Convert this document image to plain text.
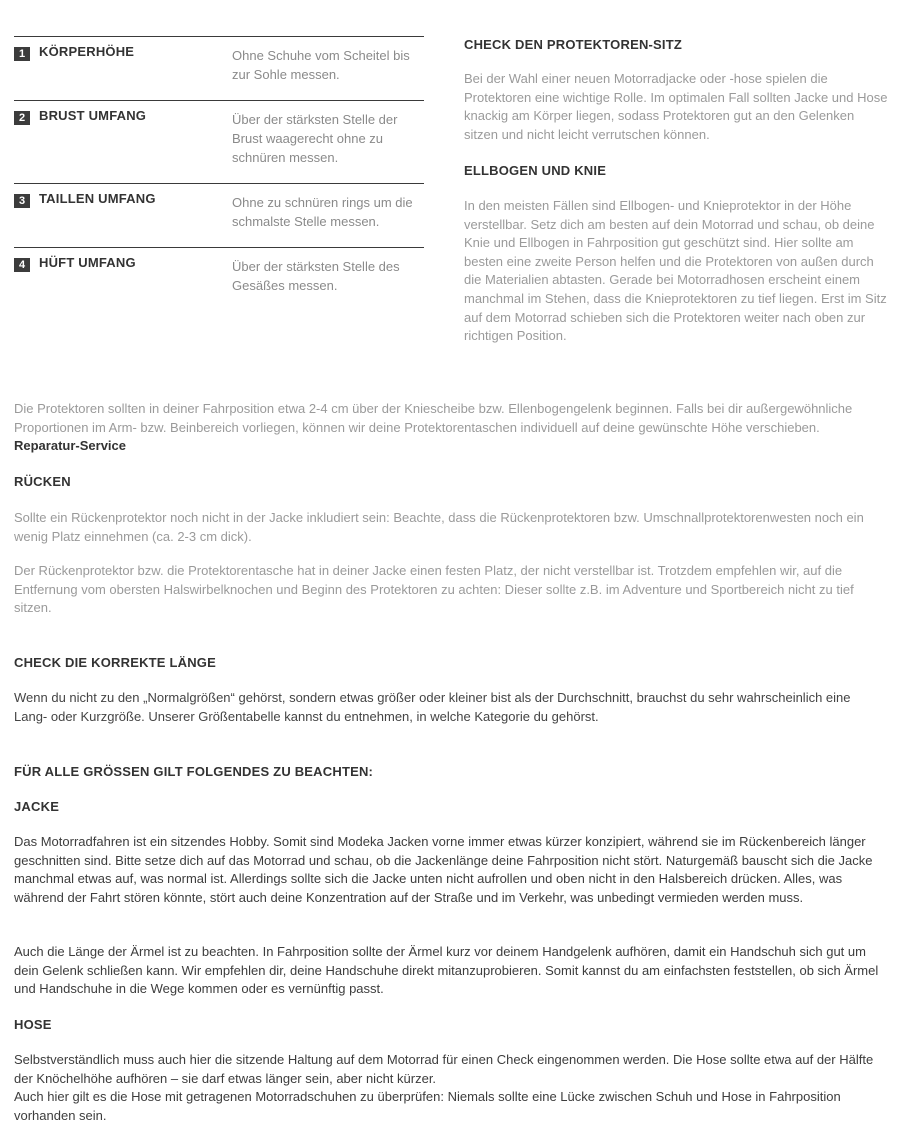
1	KÖRPERHÖHE	Ohne Schuhe vom Scheitel bis zur Sohle messen.
2	BRUST UMFANG	Über der stärksten Stelle der Brust waagerecht ohne zu schnüren messen.
3	TAILLEN UMFANG	Ohne zu schnüren rings um die schmalste Stelle messen.
4	HÜFT UMFANG	Über der stärksten Stelle des Gesäßes messen.
CHECK DEN PROTEKTOREN-SITZ

Bei der Wahl einer neuen Motorradjacke oder -hose spielen die Protektoren eine wichtige Rolle. Im optimalen Fall sollten Jacke und Hose knackig am Körper liegen, sodass Protektoren gut an den Gelenken sitzen und nicht leicht verrutschen können.

ELLBOGEN UND KNIE

In den meisten Fällen sind Ellbogen- und Knieprotektor in der Höhe verstellbar. Setz dich am besten auf dein Motorrad und schau, ob deine Knie und Ellbogen in Fahrposition gut geschützt sind. Hier sollte am besten eine zweite Person helfen und die Protektoren von außen durch die Materialien abtasten. Gerade bei Motorradhosen erscheint einem manchmal im Stehen, dass die Knieprotektoren zu tief liegen. Erst im Sitz auf dem Motorrad schieben sich die Protektoren weiter nach oben zur richtigen Position.

Die Protektoren sollten in deiner Fahrposition etwa 2-4 cm über der Kniescheibe bzw. Ellenbogengelenk beginnen. Falls bei dir außergewöhnliche Proportionen im Arm- bzw. Beinbereich vorliegen, können wir deine Protektorentaschen individuell auf deine gewünschte Höhe verschieben. Reparatur-Service

RÜCKEN

Sollte ein Rückenprotektor noch nicht in der Jacke inkludiert sein: Beachte, dass die Rückenprotektoren bzw. Umschnallprotektorenwesten noch ein wenig Platz einnehmen (ca. 2-3 cm dick).

Der Rückenprotektor bzw. die Protektorentasche hat in deiner Jacke einen festen Platz, der nicht verstellbar ist. Trotzdem empfehlen wir, auf die Entfernung vom obersten Halswirbelknochen und Beginn des Protektoren zu achten: Dieser sollte z.B. im Adventure und Sportbereich nicht zu tief sitzen.

CHECK DIE KORREKTE LÄNGE

Wenn du nicht zu den „Normalgrößen“ gehörst, sondern etwas größer oder kleiner bist als der Durchschnitt, brauchst du sehr wahrscheinlich eine Lang- oder Kurzgröße. Unserer Größentabelle kannst du entnehmen, in welche Kategorie du gehörst.

FÜR ALLE GRÖSSEN GILT FOLGENDES ZU BEACHTEN:
JACKE

Das Motorradfahren ist ein sitzendes Hobby. Somit sind Modeka Jacken vorne immer etwas kürzer konzipiert, während sie im Rückenbereich länger geschnitten sind. Bitte setze dich auf das Motorrad und schau, ob die Jackenlänge deine Fahrposition nicht stört. Naturgemäß bauscht sich die Jacke manchmal etwas auf, was normal ist. Allerdings sollte sich die Jacke unten nicht aufrollen und oben nicht in den Halsbereich drücken. Alles, was während der Fahrt stören könnte, stört auch deine Konzentration auf der Straße und im Verkehr, was unbedingt vermieden werden muss.

Auch die Länge der Ärmel ist zu beachten. In Fahrposition sollte der Ärmel kurz vor deinem Handgelenk aufhören, damit ein Handschuh sich gut um dein Gelenk schließen kann. Wir empfehlen dir, deine Handschuhe direkt mitanzuprobieren. Somit kannst du am einfachsten feststellen, ob sich Ärmel und Handschuhe in die Wege kommen oder es vernünftig passt.

HOSE

Selbstverständlich muss auch hier die sitzende Haltung auf dem Motorrad für einen Check eingenommen werden. Die Hose sollte etwa auf der Hälfte der Knöchelhöhe aufhören – sie darf etwas länger sein, aber nicht kürzer.

Auch hier gilt es die Hose mit getragenen Motorradschuhen zu überprüfen: Niemals sollte eine Lücke zwischen Schuh und Hose in Fahrposition vorhanden sein.
